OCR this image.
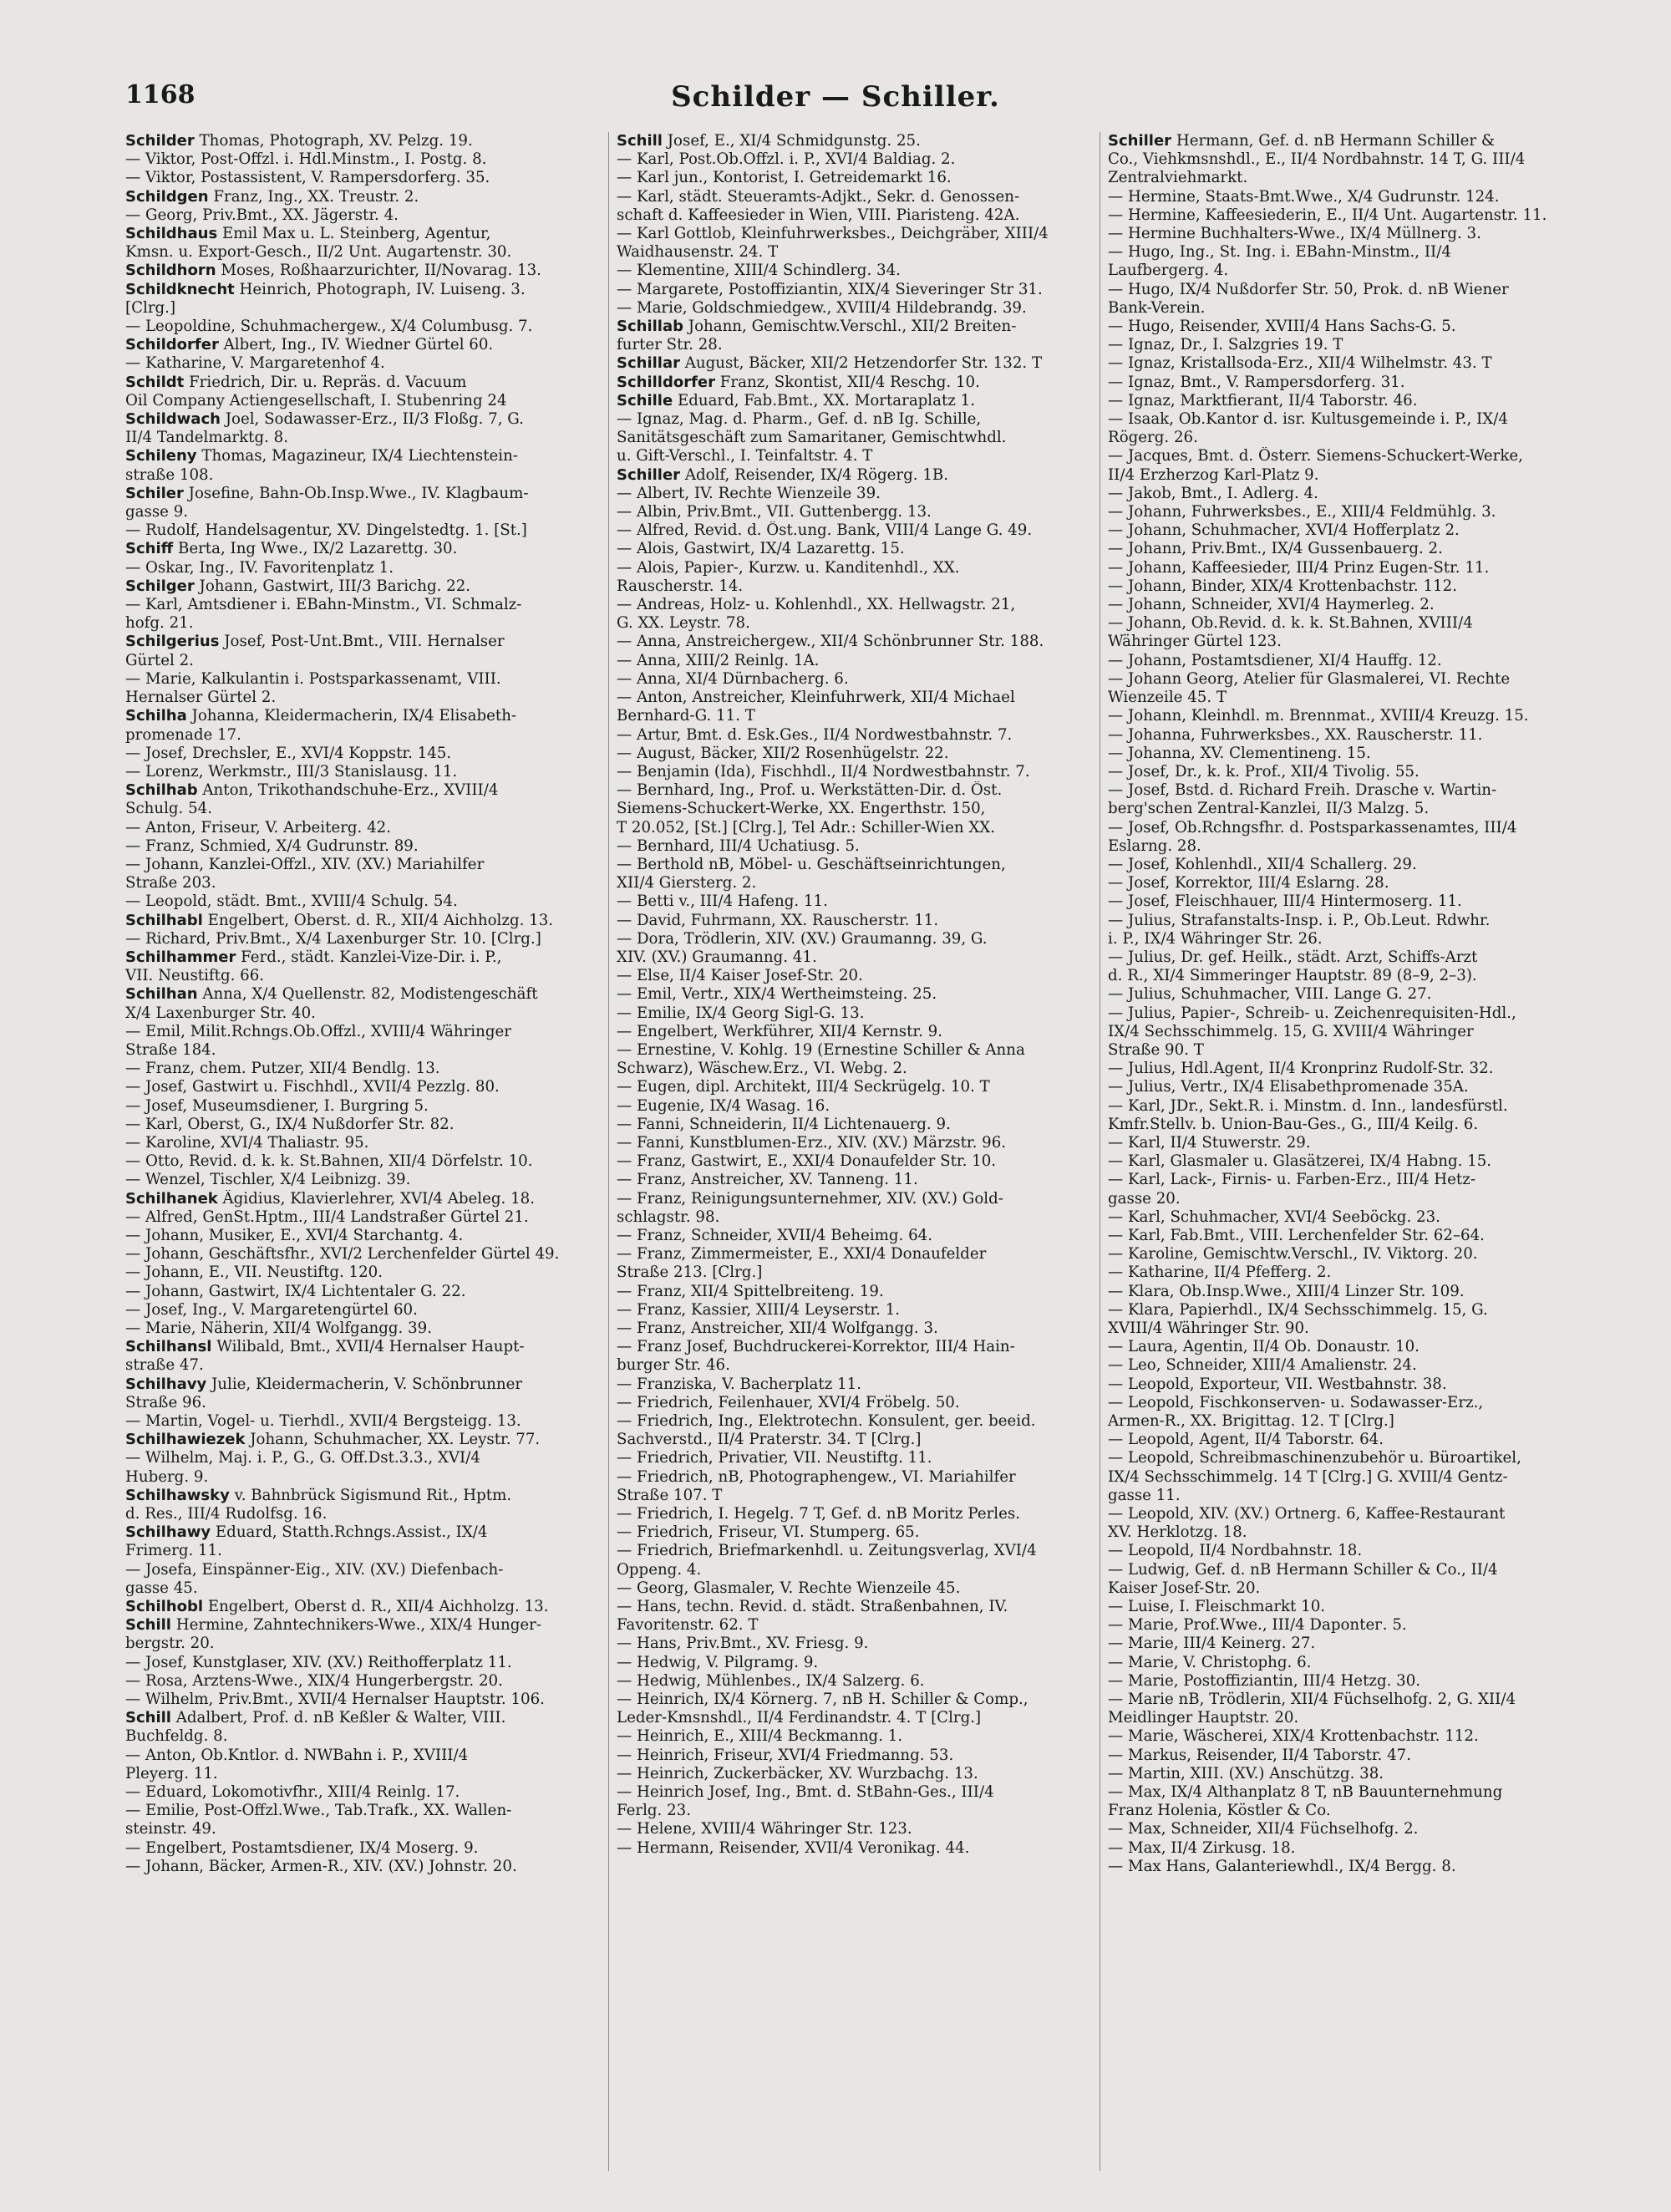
1168	Schilder — Schiller.
Schilder Thomas, Photograph, XV. Pelzg. 19.
— Viktor, Post-Offzl. i. Hdl.Minstm., I. Postg. 8.
— Viktor, Postassistent, V. Rampersdorferg. 35.
Schildgen Franz, Ing., XX. Treustr. 2.
— Georg, Priv.Bmt., XX. Jägerstr. 4.
Schildhaus Emil Max u. L. Steinberg, Agentur,
Kmsn. u. Export-Gesch., II/2 Unt. Augartenstr. 30.
Schildhorn Moses, Roßhaarzurichter, II/Novarag. 13.
Schildknecht Heinrich, Photograph, IV. Luiseng. 3.
[Clrg.]
— Leopoldine, Schuhmachergew., X/4 Columbusg. 7.
Schildorfer Albert, Ing., IV. Wiedner Gürtel 60.
— Katharine, V. Margaretenhof 4.
Schildt Friedrich, Dir. u. Repräs. d. Vacuum
Oil Company Actiengesellschaft, I. Stubenring 24
Schildwach Joel, Sodawasser-Erz., II/3 Floßg. 7, G.
II/4 Tandelmarktg. 8.
Schileny Thomas, Magazineur, IX/4 Liechtenstein-
straße 108.
Schiler Josefine, Bahn-Ob.Insp.Wwe., IV. Klagbaum-
gasse 9.
— Rudolf, Handelsagentur, XV. Dingelstedtg. 1. [St.]
Schiff Berta, Ing Wwe., IX/2 Lazarettg. 30.
— Oskar, Ing., IV. Favoritenplatz 1.
Schilger Johann, Gastwirt, III/3 Barichg. 22.
— Karl, Amtsdiener i. EBahn-Minstm., VI. Schmalz-
hofg. 21.
Schilgerius Josef, Post-Unt.Bmt., VIII. Hernalser
Gürtel 2.
— Marie, Kalkulantin i. Postsparkassenamt, VIII.
Hernalser Gürtel 2.
Schilha Johanna, Kleidermacherin, IX/4 Elisabeth-
promenade 17.
— Josef, Drechsler, E., XVI/4 Koppstr. 145.
— Lorenz, Werkmstr., III/3 Stanislausg. 11.
Schilhab Anton, Trikothandschuhe-Erz., XVIII/4
Schulg. 54.
— Anton, Friseur, V. Arbeiterg. 42.
— Franz, Schmied, X/4 Gudrunstr. 89.
— Johann, Kanzlei-Offzl., XIV. (XV.) Mariahilfer
Straße 203.
— Leopold, städt. Bmt., XVIII/4 Schulg. 54.
Schilhabl Engelbert, Oberst. d. R., XII/4 Aichholzg. 13.
— Richard, Priv.Bmt., X/4 Laxenburger Str. 10. [Clrg.]
Schilhammer Ferd., städt. Kanzlei-Vize-Dir. i. P.,
VII. Neustiftg. 66.
Schilhan Anna, X/4 Quellenstr. 82, Modistengeschäft
X/4 Laxenburger Str. 40.
— Emil, Milit.Rchngs.Ob.Offzl., XVIII/4 Währinger
Straße 184.
— Franz, chem. Putzer, XII/4 Bendlg. 13.
— Josef, Gastwirt u. Fischhdl., XVII/4 Pezzlg. 80.
— Josef, Museumsdiener, I. Burgring 5.
— Karl, Oberst, G., IX/4 Nußdorfer Str. 82.
— Karoline, XVI/4 Thaliastr. 95.
— Otto, Revid. d. k. k. St.Bahnen, XII/4 Dörfelstr. 10.
— Wenzel, Tischler, X/4 Leibnizg. 39.
Schilhanek Ägidius, Klavierlehrer, XVI/4 Abeleg. 18.
— Alfred, GenSt.Hptm., III/4 Landstraßer Gürtel 21.
— Johann, Musiker, E., XVI/4 Starchantg. 4.
— Johann, Geschäftsfhr., XVI/2 Lerchenfelder Gürtel 49.
— Johann, E., VII. Neustiftg. 120.
— Johann, Gastwirt, IX/4 Lichtentaler G. 22.
— Josef, Ing., V. Margaretengürtel 60.
— Marie, Näherin, XII/4 Wolfgangg. 39.
Schilhansl Wilibald, Bmt., XVII/4 Hernalser Haupt-
straße 47.
Schilhavy Julie, Kleidermacherin, V. Schönbrunner
Straße 96.
— Martin, Vogel- u. Tierhdl., XVII/4 Bergsteigg. 13.
Schilhawiezek Johann, Schuhmacher, XX. Leystr. 77.
— Wilhelm, Maj. i. P., G., G. Off.Dst.3.3., XVI/4
Huberg. 9.
Schilhawsky v. Bahnbrück Sigismund Rit., Hptm.
d. Res., III/4 Rudolfsg. 16.
Schilhawy Eduard, Statth.Rchngs.Assist., IX/4
Frimerg. 11.
— Josefa, Einspänner-Eig., XIV. (XV.) Diefenbach-
gasse 45.
Schilhobl Engelbert, Oberst d. R., XII/4 Aichholzg. 13.
Schill Hermine, Zahntechnikers-Wwe., XIX/4 Hunger-
bergstr. 20.
— Josef, Kunstglaser, XIV. (XV.) Reithofferplatz 11.
— Rosa, Arztens-Wwe., XIX/4 Hungerbergstr. 20.
— Wilhelm, Priv.Bmt., XVII/4 Hernalser Hauptstr. 106.
Schill Adalbert, Prof. d. nB Keßler & Walter, VIII.
Buchfeldg. 8.
— Anton, Ob.Kntlor. d. NWBahn i. P., XVIII/4
Pleyerg. 11.
— Eduard, Lokomotivfhr., XIII/4 Reinlg. 17.
— Emilie, Post-Offzl.Wwe., Tab.Trafk., XX. Wallen-
steinstr. 49.
— Engelbert, Postamtsdiener, IX/4 Moserg. 9.
— Johann, Bäcker, Armen-R., XIV. (XV.) Johnstr. 20.
Schill Josef, E., XI/4 Schmidgunstg. 25.
— Karl, Post.Ob.Offzl. i. P., XVI/4 Baldiag. 2.
— Karl jun., Kontorist, I. Getreidemarkt 16.
— Karl, städt. Steueramts-Adjkt., Sekr. d. Genossen-
schaft d. Kaffeesieder in Wien, VIII. Piaristeng. 42A.
— Karl Gottlob, Kleinfuhrwerksbes., Deichgräber, XIII/4
Waidhausenstr. 24. T
— Klementine, XIII/4 Schindlerg. 34.
— Margarete, Postoffiziantin, XIX/4 Sieveringer Str 31.
— Marie, Goldschmiedgew., XVIII/4 Hildebrandg. 39.
Schillab Johann, Gemischtw.Verschl., XII/2 Breiten-
furter Str. 28.
Schillar August, Bäcker, XII/2 Hetzendorfer Str. 132. T
Schilldorfer Franz, Skontist, XII/4 Reschg. 10.
Schille Eduard, Fab.Bmt., XX. Mortaraplatz 1.
— Ignaz, Mag. d. Pharm., Gef. d. nB Ig. Schille,
Sanitätsgeschäft zum Samaritaner, Gemischtwhdl.
u. Gift-Verschl., I. Teinfaltstr. 4. T
Schiller Adolf, Reisender, IX/4 Rögerg. 1B.
— Albert, IV. Rechte Wienzeile 39.
— Albin, Priv.Bmt., VII. Guttenbergg. 13.
— Alfred, Revid. d. Öst.ung. Bank, VIII/4 Lange G. 49.
— Alois, Gastwirt, IX/4 Lazarettg. 15.
— Alois, Papier-, Kurzw. u. Kanditenhdl., XX.
Rauscherstr. 14.
— Andreas, Holz- u. Kohlenhdl., XX. Hellwagstr. 21,
G. XX. Leystr. 78.
— Anna, Anstreichergew., XII/4 Schönbrunner Str. 188.
— Anna, XIII/2 Reinlg. 1A.
— Anna, XI/4 Dürnbacherg. 6.
— Anton, Anstreicher, Kleinfuhrwerk, XII/4 Michael
Bernhard-G. 11. T
— Artur, Bmt. d. Esk.Ges., II/4 Nordwestbahnstr. 7.
— August, Bäcker, XII/2 Rosenhügelstr. 22.
— Benjamin (Ida), Fischhdl., II/4 Nordwestbahnstr. 7.
— Bernhard, Ing., Prof. u. Werkstätten-Dir. d. Öst.
Siemens-Schuckert-Werke, XX. Engerthstr. 150,
T 20.052, [St.] [Clrg.], Tel Adr.: Schiller-Wien XX.
— Bernhard, III/4 Uchatiusg. 5.
— Berthold nB, Möbel- u. Geschäftseinrichtungen,
XII/4 Giersterg. 2.
— Betti v., III/4 Hafeng. 11.
— David, Fuhrmann, XX. Rauscherstr. 11.
— Dora, Trödlerin, XIV. (XV.) Graumanng. 39, G.
XIV. (XV.) Graumanng. 41.
— Else, II/4 Kaiser Josef-Str. 20.
— Emil, Vertr., XIX/4 Wertheimsteing. 25.
— Emilie, IX/4 Georg Sigl-G. 13.
— Engelbert, Werkführer, XII/4 Kernstr. 9.
— Ernestine, V. Kohlg. 19 (Ernestine Schiller & Anna
Schwarz), Wäschew.Erz., VI. Webg. 2.
— Eugen, dipl. Architekt, III/4 Seckrügelg. 10. T
— Eugenie, IX/4 Wasag. 16.
— Fanni, Schneiderin, II/4 Lichtenauerg. 9.
— Fanni, Kunstblumen-Erz., XIV. (XV.) Märzstr. 96.
— Franz, Gastwirt, E., XXI/4 Donaufelder Str. 10.
— Franz, Anstreicher, XV. Tanneng. 11.
— Franz, Reinigungsunternehmer, XIV. (XV.) Gold-
schlagstr. 98.
— Franz, Schneider, XVII/4 Beheimg. 64.
— Franz, Zimmermeister, E., XXI/4 Donaufelder
Straße 213. [Clrg.]
— Franz, XII/4 Spittelbreiteng. 19.
— Franz, Kassier, XIII/4 Leyserstr. 1.
— Franz, Anstreicher, XII/4 Wolfgangg. 3.
— Franz Josef, Buchdruckerei-Korrektor, III/4 Hain-
burger Str. 46.
— Franziska, V. Bacherplatz 11.
— Friedrich, Feilenhauer, XVI/4 Fröbelg. 50.
— Friedrich, Ing., Elektrotechn. Konsulent, ger. beeid.
Sachverstd., II/4 Praterstr. 34. T [Clrg.]
— Friedrich, Privatier, VII. Neustiftg. 11.
— Friedrich, nB, Photographengew., VI. Mariahilfer
Straße 107. T
— Friedrich, I. Hegelg. 7 T, Gef. d. nB Moritz Perles.
— Friedrich, Friseur, VI. Stumperg. 65.
— Friedrich, Briefmarkenhdl. u. Zeitungsverlag, XVI/4
Oppeng. 4.
— Georg, Glasmaler, V. Rechte Wienzeile 45.
— Hans, techn. Revid. d. städt. Straßenbahnen, IV.
Favoritenstr. 62. T
— Hans, Priv.Bmt., XV. Friesg. 9.
— Hedwig, V. Pilgramg. 9.
— Hedwig, Mühlenbes., IX/4 Salzerg. 6.
— Heinrich, IX/4 Körnerg. 7, nB H. Schiller & Comp.,
Leder-Kmsnshdl., II/4 Ferdinandstr. 4. T [Clrg.]
— Heinrich, E., XIII/4 Beckmanng. 1.
— Heinrich, Friseur, XVI/4 Friedmanng. 53.
— Heinrich, Zuckerbäcker, XV. Wurzbachg. 13.
— Heinrich Josef, Ing., Bmt. d. StBahn-Ges., III/4
Ferlg. 23.
— Helene, XVIII/4 Währinger Str. 123.
— Hermann, Reisender, XVII/4 Veronikag. 44.
Schiller Hermann, Gef. d. nB Hermann Schiller &
Co., Viehkmsnshdl., E., II/4 Nordbahnstr. 14 T, G. III/4
Zentralviehmarkt.
— Hermine, Staats-Bmt.Wwe., X/4 Gudrunstr. 124.
— Hermine, Kaffeesiederin, E., II/4 Unt. Augartenstr. 11.
— Hermine Buchhalters-Wwe., IX/4 Müllnerg. 3.
— Hugo, Ing., St. Ing. i. EBahn-Minstm., II/4
Laufbergerg. 4.
— Hugo, IX/4 Nußdorfer Str. 50, Prok. d. nB Wiener
Bank-Verein.
— Hugo, Reisender, XVIII/4 Hans Sachs-G. 5.
— Ignaz, Dr., I. Salzgries 19. T
— Ignaz, Kristallsoda-Erz., XII/4 Wilhelmstr. 43. T
— Ignaz, Bmt., V. Rampersdorferg. 31.
— Ignaz, Marktfierant, II/4 Taborstr. 46.
— Isaak, Ob.Kantor d. isr. Kultusgemeinde i. P., IX/4
Rögerg. 26.
— Jacques, Bmt. d. Österr. Siemens-Schuckert-Werke,
II/4 Erzherzog Karl-Platz 9.
— Jakob, Bmt., I. Adlerg. 4.
— Johann, Fuhrwerksbes., E., XIII/4 Feldmühlg. 3.
— Johann, Schuhmacher, XVI/4 Hofferplatz 2.
— Johann, Priv.Bmt., IX/4 Gussenbauerg. 2.
— Johann, Kaffeesieder, III/4 Prinz Eugen-Str. 11.
— Johann, Binder, XIX/4 Krottenbachstr. 112.
— Johann, Schneider, XVI/4 Haymerleg. 2.
— Johann, Ob.Revid. d. k. k. St.Bahnen, XVIII/4
Währinger Gürtel 123.
— Johann, Postamtsdiener, XI/4 Hauffg. 12.
— Johann Georg, Atelier für Glasmalerei, VI. Rechte
Wienzeile 45. T
— Johann, Kleinhdl. m. Brennmat., XVIII/4 Kreuzg. 15.
— Johanna, Fuhrwerksbes., XX. Rauscherstr. 11.
— Johanna, XV. Clementineng. 15.
— Josef, Dr., k. k. Prof., XII/4 Tivolig. 55.
— Josef, Bstd. d. Richard Freih. Drasche v. Wartin-
berg'schen Zentral-Kanzlei, II/3 Malzg. 5.
— Josef, Ob.Rchngsfhr. d. Postsparkassenamtes, III/4
Eslarng. 28.
— Josef, Kohlenhdl., XII/4 Schallerg. 29.
— Josef, Korrektor, III/4 Eslarng. 28.
— Josef, Fleischhauer, III/4 Hintermoserg. 11.
— Julius, Strafanstalts-Insp. i. P., Ob.Leut. Rdwhr.
i. P., IX/4 Währinger Str. 26.
— Julius, Dr. gef. Heilk., städt. Arzt, Schiffs-Arzt
d. R., XI/4 Simmeringer Hauptstr. 89 (8–9, 2–3).
— Julius, Schuhmacher, VIII. Lange G. 27.
— Julius, Papier-, Schreib- u. Zeichenrequisiten-Hdl.,
IX/4 Sechsschimmelg. 15, G. XVIII/4 Währinger
Straße 90. T
— Julius, Hdl.Agent, II/4 Kronprinz Rudolf-Str. 32.
— Julius, Vertr., IX/4 Elisabethpromenade 35A.
— Karl, JDr., Sekt.R. i. Minstm. d. Inn., landesfürstl.
Kmfr.Stellv. b. Union-Bau-Ges., G., III/4 Keilg. 6.
— Karl, II/4 Stuwerstr. 29.
— Karl, Glasmaler u. Glasätzerei, IX/4 Habng. 15.
— Karl, Lack-, Firnis- u. Farben-Erz., III/4 Hetz-
gasse 20.
— Karl, Schuhmacher, XVI/4 Seeböckg. 23.
— Karl, Fab.Bmt., VIII. Lerchenfelder Str. 62–64.
— Karoline, Gemischtw.Verschl., IV. Viktorg. 20.
— Katharine, II/4 Pfefferg. 2.
— Klara, Ob.Insp.Wwe., XIII/4 Linzer Str. 109.
— Klara, Papierhdl., IX/4 Sechsschimmelg. 15, G.
XVIII/4 Währinger Str. 90.
— Laura, Agentin, II/4 Ob. Donaustr. 10.
— Leo, Schneider, XIII/4 Amalienstr. 24.
— Leopold, Exporteur, VII. Westbahnstr. 38.
— Leopold, Fischkonserven- u. Sodawasser-Erz.,
Armen-R., XX. Brigittag. 12. T [Clrg.]
— Leopold, Agent, II/4 Taborstr. 64.
— Leopold, Schreibmaschinenzubehör u. Büroartikel,
IX/4 Sechsschimmelg. 14 T [Clrg.] G. XVIII/4 Gentz-
gasse 11.
— Leopold, XIV. (XV.) Ortnerg. 6, Kaffee-Restaurant
XV. Herklotzg. 18.
— Leopold, II/4 Nordbahnstr. 18.
— Ludwig, Gef. d. nB Hermann Schiller & Co., II/4
Kaiser Josef-Str. 20.
— Luise, I. Fleischmarkt 10.
— Marie, Prof.Wwe., III/4 Dapontег. 5.
— Marie, III/4 Keinerg. 27.
— Marie, V. Christophg. 6.
— Marie, Postoffiziantin, III/4 Hetzg. 30.
— Marie nB, Trödlerin, XII/4 Füchselhofg. 2, G. XII/4
Meidlinger Hauptstr. 20.
— Marie, Wäscherei, XIX/4 Krottenbachstr. 112.
— Markus, Reisender, II/4 Taborstr. 47.
— Martin, XIII. (XV.) Anschützg. 38.
— Max, IX/4 Althanplatz 8 T, nB Bauunternehmung
Franz Holenia, Köstler & Co.
— Max, Schneider, XII/4 Füchselhofg. 2.
— Max, II/4 Zirkusg. 18.
— Max Hans, Galanteriewhdl., IX/4 Bergg. 8.
